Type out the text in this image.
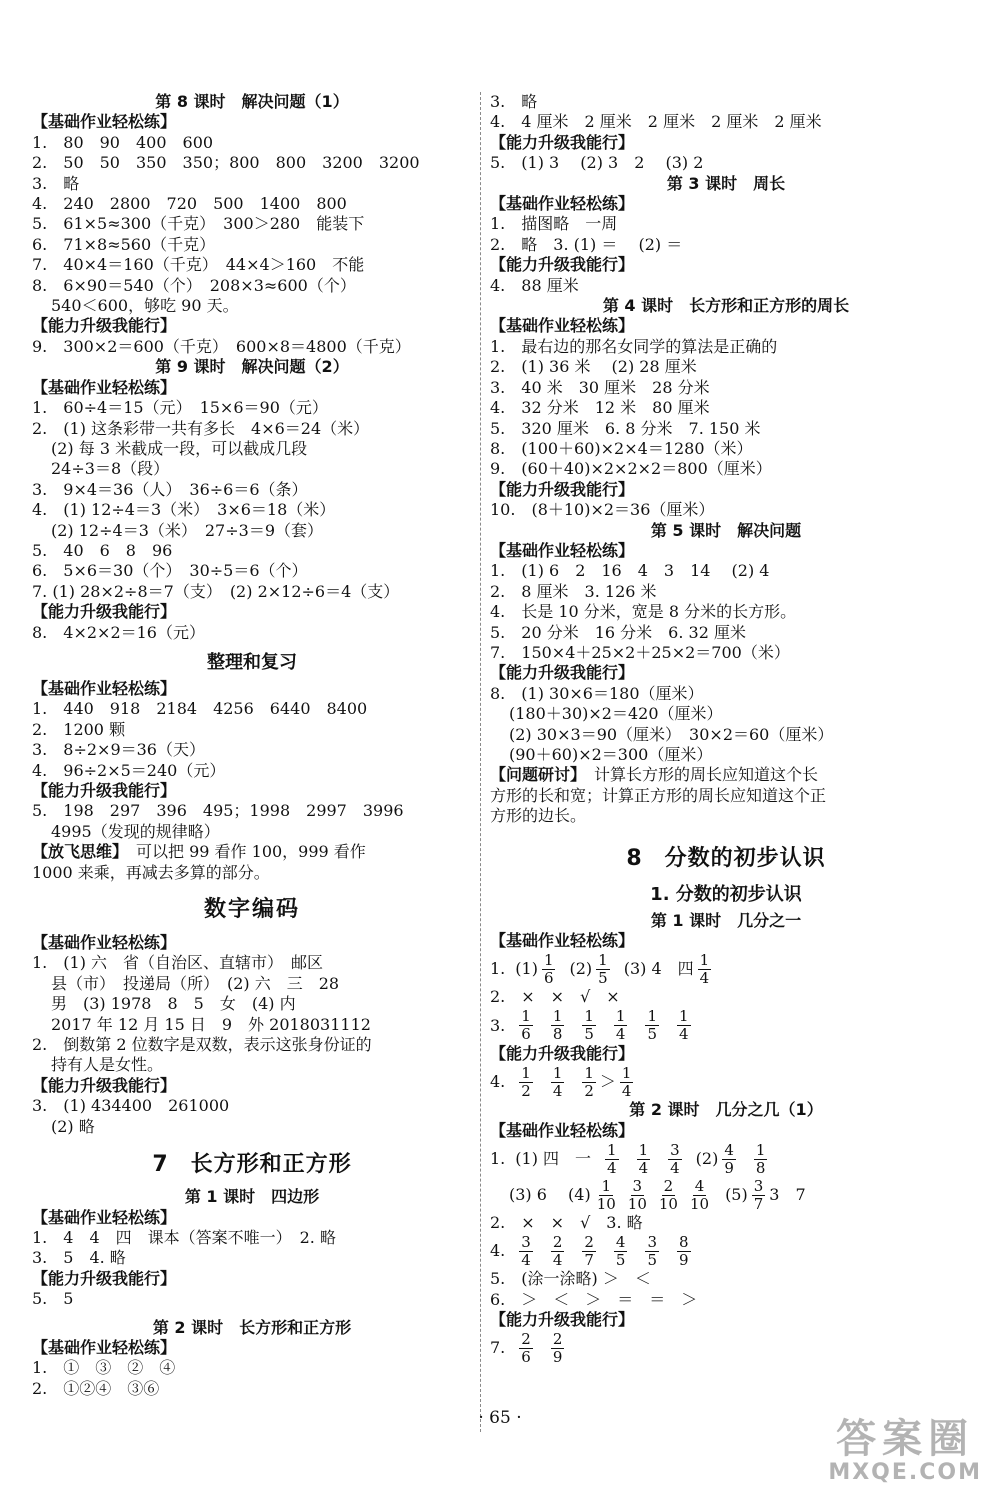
第 8 课时　解决问题（1）
【基础作业轻松练】
1.　80　90　400　600
2.　50　50　350　350；800　800　3200　3200
3.　略
4.　240　2800　720　500　1400　800
5.　61×5≈300（千克）　300＞280　能装下
6.　71×8≈560（千克）
7.　40×4＝160（千克）　44×4＞160　不能
8.　6×90＝540（个）　208×3≈600（个）
540＜600，够吃 90 天。
【能力升级我能行】
9.　300×2＝600（千克）　600×8＝4800（千克）
第 9 课时　解决问题（2）
【基础作业轻松练】
1.　60÷4＝15（元）　15×6＝90（元）
2.　(1) 这条彩带一共有多长　4×6＝24（米）
(2) 每 3 米截成一段，可以截成几段
24÷3＝8（段）
3.　9×4＝36（人）　36÷6＝6（条）
4.　(1) 12÷4＝3（米）　3×6＝18（米）
(2) 12÷4＝3（米）　27÷3＝9（套）
5.　40　6　8　96
6.　5×6＝30（个）　30÷5＝6（个）
7. (1) 28×2÷8＝7（支）　(2) 2×12÷6＝4（支）
【能力升级我能行】
8.　4×2×2＝16（元）
整理和复习
【基础作业轻松练】
1.　440　918　2184　4256　6440　8400
2.　1200 颗
3.　8÷2×9＝36（天）
4.　96÷2×5＝240（元）
【能力升级我能行】
5.　198　297　396　495；1998　2997　3996
4995（发现的规律略）
【放飞思维】　可以把 99 看作 100，999 看作
1000 来乘，再减去多算的部分。
数字编码
【基础作业轻松练】
1.　(1) 六　省（自治区、直辖市）　邮区
县（市）　投递局（所）　(2) 六　三　28
男　(3) 1978　8　5　女　(4) 内
2017 年 12 月 15 日　9　外 2018031112
2.　倒数第 2 位数字是双数，表示这张身份证的
持有人是女性。
【能力升级我能行】
3.　(1) 434400　261000
(2) 略
7 长方形和正方形
第 1 课时　四边形
【基础作业轻松练】
1.　4　4　四　课本（答案不唯一）　2. 略
3.　5　4. 略
【能力升级我能行】
5.　5
第 2 课时　长方形和正方形
【基础作业轻松练】
1.　①　③　②　④
2.　①②④　③⑥
3.　略
4.　4 厘米　2 厘米　2 厘米　2 厘米　2 厘米
【能力升级我能行】
5.　(1) 3　 (2) 3　2　 (3) 2
第 3 课时　周长
【基础作业轻松练】
1.　描图略　一周
2.　略　3. (1) ＝　 (2) ＝
【能力升级我能行】
4.　88 厘米
第 4 课时　长方形和正方形的周长
【基础作业轻松练】
1.　最右边的那名女同学的算法是正确的
2.　(1) 36 米　 (2) 28 厘米
3.　40 米　30 厘米　28 分米
4.　32 分米　12 米　80 厘米
5.　320 厘米　6. 8 分米　7. 150 米
8.　(100＋60)×2×4＝1280（米）
9.　(60＋40)×2×2×2＝800（厘米）
【能力升级我能行】
10.　(8＋10)×2＝36（厘米）
第 5 课时　解决问题
【基础作业轻松练】
1.　(1) 6　2　16　4　3　14　 (2) 4
2.　8 厘米　3. 126 米
4.　长是 10 分米，宽是 8 分米的长方形。
5.　20 分米　16 分米　6. 32 厘米
7.　150×4＋25×2＋25×2＝700（米）
【能力升级我能行】
8.　(1) 30×6＝180（厘米）
(180＋30)×2＝420（厘米）
(2) 30×3＝90（厘米）　30×2＝60（厘米）
(90＋60)×2＝300（厘米）
【问题研讨】　计算长方形的周长应知道这个长
方形的长和宽；计算正方形的周长应知道这个正
方形的边长。
8 分数的初步认识
1. 分数的初步认识
第 1 课时　几分之一
【基础作业轻松练】
1. $(1) \frac{1}{6} (2) \frac{1}{5} (3)$ 4　四 $\frac{1}{4}$
2.　×　×　√　×
3. $\frac{1}{6} \frac{1}{8} \frac{1}{5} \frac{1}{4} \frac{1}{5} \frac{1}{4}$
【能力升级我能行】
4. $\frac{1}{2} \frac{1}{4} \frac{1}{2} > \frac{1}{4}$
第 2 课时　几分之几（1）
【基础作业轻松练】
1. (1) 四　一 $\frac{1}{4} \frac{1}{4} \frac{3}{4} (2) \frac{4}{9} \frac{1}{8}$
(3) 6　 $(4) \frac{1}{10} \frac{3}{10} \frac{2}{10} \frac{4}{10} (5) \frac{3}{7} 3$　7
2.　×　×　√　3. 略
4. $\frac{3}{4} \frac{2}{4} \frac{2}{7} \frac{4}{5} \frac{3}{5} \frac{8}{9}$
5.　(涂一涂略) ＞　＜
6.　＞　＜　＞　＝　＝　＞
【能力升级我能行】
7. $\frac{2}{6} \frac{2}{9}$
· 65 ·	答案圈
MXQE.COM
